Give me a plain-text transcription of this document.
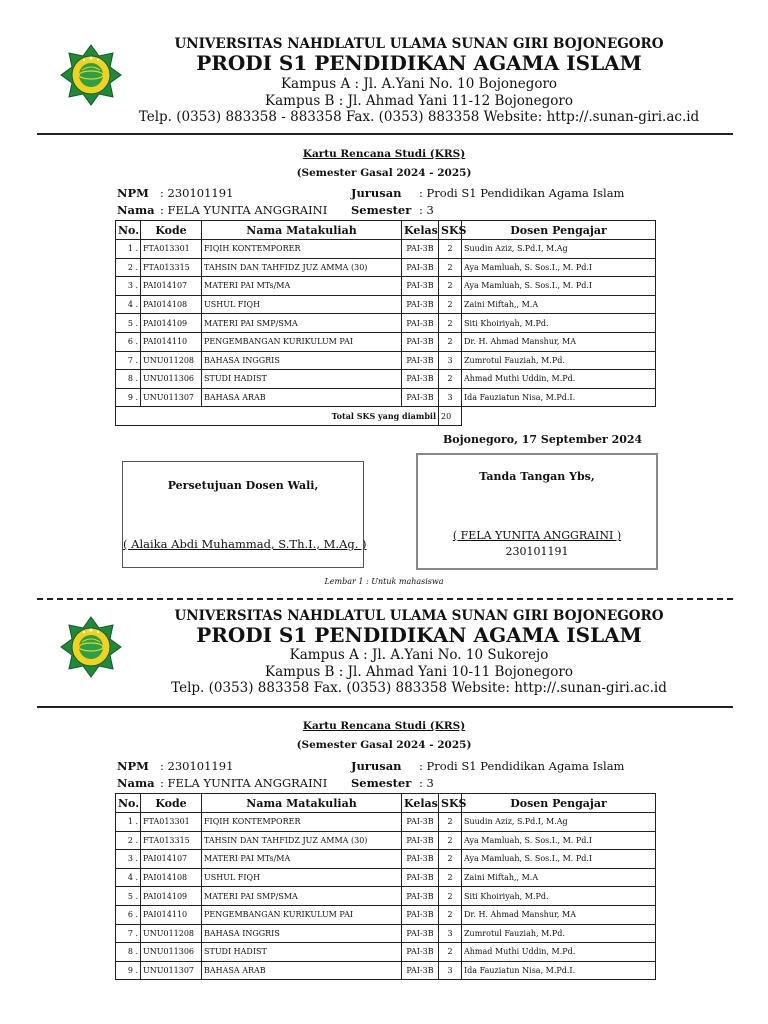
UNIVERSITAS NAHDLATUL ULAMA SUNAN GIRI BOJONEGORO
PRODI S1 PENDIDIKAN AGAMA ISLAM
Kampus A : Jl. A.Yani No. 10 Bojonegoro
Kampus B : Jl. Ahmad Yani 11-12 Bojonegoro
Telp. (0353) 883358 - 883358 Fax. (0353) 883358 Website: http://.sunan-giri.ac.id
Kartu Rencana Studi (KRS)
(Semester Gasal 2024 - 2025)
NPM : 230101191	Jurusan : Prodi S1 Pendidikan Agama Islam
Nama : FELA YUNITA ANGGRAINI Semester : 3
No.	Kode	Nama Matakuliah	Kelas	SKS	Dosen Pengajar
1 .	FTA013301	FIQIH KONTEMPORER	PAI-3B	2	Suudin Aziz, S.Pd.I, M.Ag
2 .	FTA013315	TAHSIN DAN TAHFIDZ JUZ AMMA (30)	PAI-3B	2	Aya Mamluah, S. Sos.I., M. Pd.I
3 .	PAI014107	MATERI PAI MTs/MA	PAI-3B	2	Aya Mamluah, S. Sos.I., M. Pd.I
4 .	PAI014108	USHUL FIQH	PAI-3B	2	Zaini Miftah,, M.A
5 .	PAI014109	MATERI PAI SMP/SMA	PAI-3B	2	Siti Khoiriyah, M.Pd.
6 .	PAI014110	PENGEMBANGAN KURIKULUM PAI	PAI-3B	2	Dr. H. Ahmad Manshur, MA
7 .	UNU011208	BAHASA INGGRIS	PAI-3B	3	Zumrotul Fauziah, M.Pd.
8 .	UNU011306	STUDI HADIST	PAI-3B	2	Ahmad Muthi Uddin, M.Pd.
9 .	UNU011307	BAHASA ARAB	PAI-3B	3	Ida Fauziatun Nisa, M.Pd.I.
Total SKS yang diambil				20	
Bojonegoro, 17 September 2024
Persetujuan Dosen Wali,
( Alaika Abdi Muhammad, S.Th.I., M.Ag. )
Tanda Tangan Ybs,
( FELA YUNITA ANGGRAINI )
230101191
Lembar 1 : Untuk mahasiswa
UNIVERSITAS NAHDLATUL ULAMA SUNAN GIRI BOJONEGORO
PRODI S1 PENDIDIKAN AGAMA ISLAM
Kampus A : Jl. A.Yani No. 10 Sukorejo
Kampus B : Jl. Ahmad Yani 10-11 Bojonegoro
Telp. (0353) 883358 Fax. (0353) 883358 Website: http://.sunan-giri.ac.id
Kartu Rencana Studi (KRS)
(Semester Gasal 2024 - 2025)
NPM : 230101191	Jurusan : Prodi S1 Pendidikan Agama Islam
Nama : FELA YUNITA ANGGRAINI Semester : 3
No.	Kode	Nama Matakuliah	Kelas	SKS	Dosen Pengajar
1 .	FTA013301	FIQIH KONTEMPORER	PAI-3B	2	Suudin Aziz, S.Pd.I, M.Ag
2 .	FTA013315	TAHSIN DAN TAHFIDZ JUZ AMMA (30)	PAI-3B	2	Aya Mamluah, S. Sos.I., M. Pd.I
3 .	PAI014107	MATERI PAI MTs/MA	PAI-3B	2	Aya Mamluah, S. Sos.I., M. Pd.I
4 .	PAI014108	USHUL FIQH	PAI-3B	2	Zaini Miftah,, M.A
5 .	PAI014109	MATERI PAI SMP/SMA	PAI-3B	2	Siti Khoiriyah, M.Pd.
6 .	PAI014110	PENGEMBANGAN KURIKULUM PAI	PAI-3B	2	Dr. H. Ahmad Manshur, MA
7 .	UNU011208	BAHASA INGGRIS	PAI-3B	3	Zumrotul Fauziah, M.Pd.
8 .	UNU011306	STUDI HADIST	PAI-3B	2	Ahmad Muthi Uddin, M.Pd.
9 .	UNU011307	BAHASA ARAB	PAI-3B	3	Ida Fauziatun Nisa, M.Pd.I.
